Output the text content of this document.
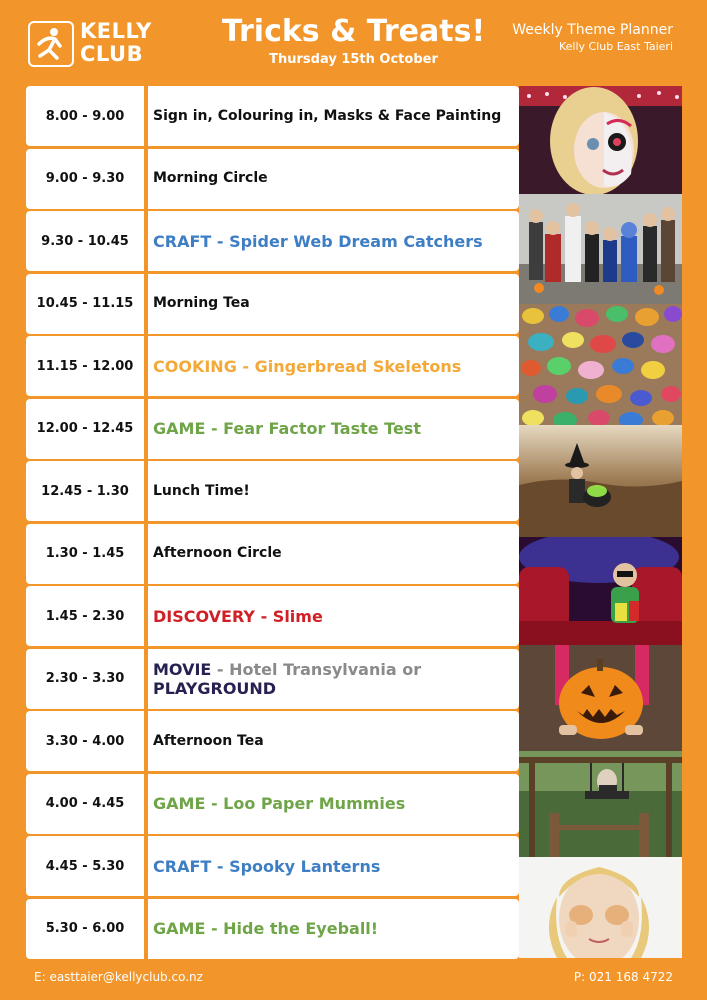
KELLY
CLUB
Tricks & Treats!
Thursday 15th October
Weekly Theme Planner
Kelly Club East Taieri
8.00 - 9.00	Sign in, Colouring in, Masks & Face Painting
9.00 - 9.30	Morning Circle
9.30 - 10.45	CRAFT - Spider Web Dream Catchers
10.45 - 11.15	Morning Tea
11.15 - 12.00	COOKING - Gingerbread Skeletons
12.00 - 12.45	GAME - Fear Factor Taste Test
12.45 - 1.30	Lunch Time!
1.30 - 1.45	Afternoon Circle
1.45 - 2.30	DISCOVERY - Slime
2.30 - 3.30	MOVIE - Hotel Transylvania or
PLAYGROUND
3.30 - 4.00	Afternoon Tea
4.00 - 4.45	GAME - Loo Paper Mummies
4.45 - 5.30	CRAFT - Spooky Lanterns
5.30 - 6.00	GAME - Hide the Eyeball!
E: easttaier@kellyclub.co.nz	P: 021 168 4722
